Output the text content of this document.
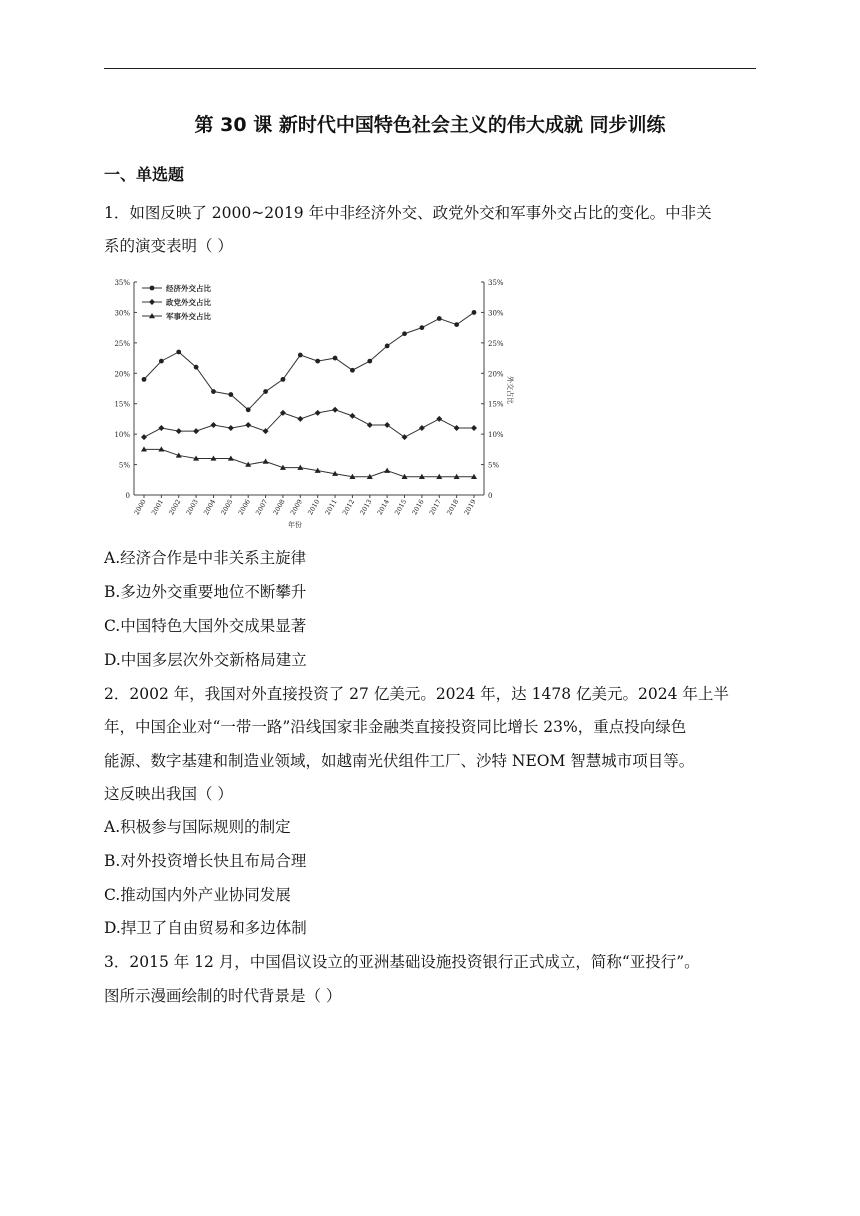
第 30 课 新时代中国特色社会主义的伟大成就 同步训练
一、单选题
1．如图反映了 2000~2019 年中非经济外交、政党外交和军事外交占比的变化。中非关
系的演变表明（ ）
0
5%
10%
15%
20%
25%
30%
35%
0
5%
10%
15%
20%
25%
30%
35%
2000 2001 2002 2003 2004 2005 2006 2007 2008 2009 2010 2011 2012 2013 2014 2015 2016 2017 2018 2019
年份
外交占比
经济外交占比
政党外交占比
军事外交占比
A.经济合作是中非关系主旋律
B.多边外交重要地位不断攀升
C.中国特色大国外交成果显著
D.中国多层次外交新格局建立
2．2002 年，我国对外直接投资了 27 亿美元。2024 年，达 1478 亿美元。2024 年上半
年，中国企业对“一带一路”沿线国家非金融类直接投资同比增长 23%，重点投向绿色
能源、数字基建和制造业领域，如越南光伏组件工厂、沙特 NEOM 智慧城市项目等。
这反映出我国（ ）
A.积极参与国际规则的制定
B.对外投资增长快且布局合理
C.推动国内外产业协同发展
D.捍卫了自由贸易和多边体制
3．2015 年 12 月，中国倡议设立的亚洲基础设施投资银行正式成立，简称“亚投行”。
图所示漫画绘制的时代背景是（ ）
